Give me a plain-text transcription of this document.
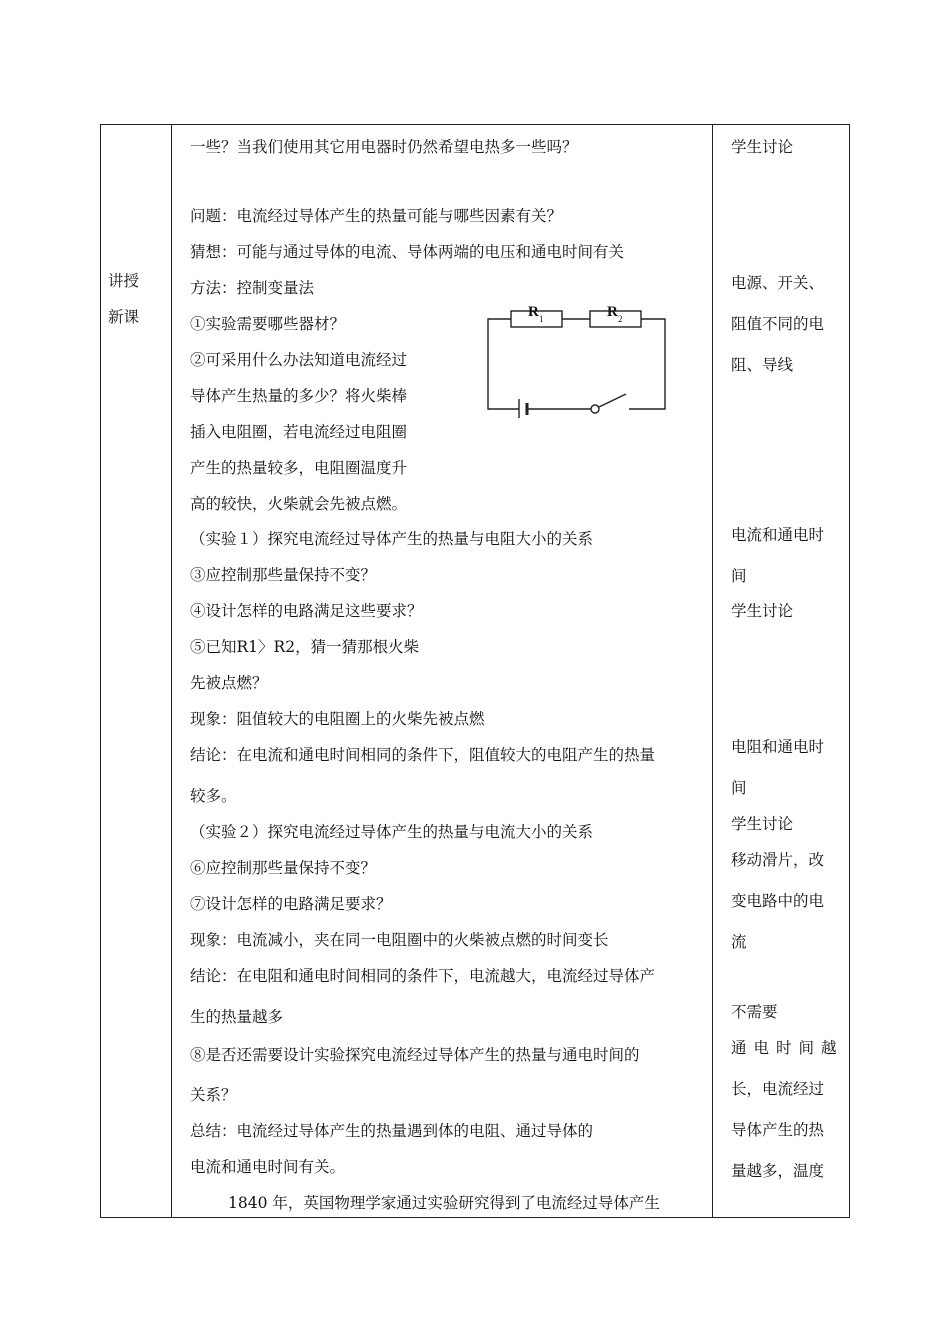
讲授
新课
一些？当我们使用其它用电器时仍然希望电热多一些吗？
问题：电流经过导体产生的热量可能与哪些因素有关？
猜想：可能与通过导体的电流、导体两端的电压和通电时间有关
方法：控制变量法
①实验需要哪些器材？
②可采用什么办法知道电流经过
导体产生热量的多少？将火柴棒
插入电阻圈，若电流经过电阻圈
产生的热量较多，电阻圈温度升
高的较快，火柴就会先被点燃。
（实验１）探究电流经过导体产生的热量与电阻大小的关系
③应控制那些量保持不变？
④设计怎样的电路满足这些要求？
⑤已知R1〉R2，猜一猜那根火柴
先被点燃？
现象：阻值较大的电阻圈上的火柴先被点燃
结论：在电流和通电时间相同的条件下，阻值较大的电阻产生的热量
较多。
（实验２）探究电流经过导体产生的热量与电流大小的关系
⑥应控制那些量保持不变？
⑦设计怎样的电路满足要求？
现象：电流减小，夹在同一电阻圈中的火柴被点燃的时间变长
结论：在电阻和通电时间相同的条件下，电流越大，电流经过导体产
生的热量越多
⑧是否还需要设计实验探究电流经过导体产生的热量与通电时间的
关系？
总结：电流经过导体产生的热量遇到体的电阻、通过导体的
电流和通电时间有关。
1840 年，英国物理学家通过实验研究得到了电流经过导体产生
R 1	R 2
学生讨论
电源、开关、
阻值不同的电
阻、导线
电流和通电时
间
学生讨论
电阻和通电时
间
学生讨论
移动滑片，改
变电路中的电
流
不需要
通电时间越
长，电流经过
导体产生的热
量越多，温度
